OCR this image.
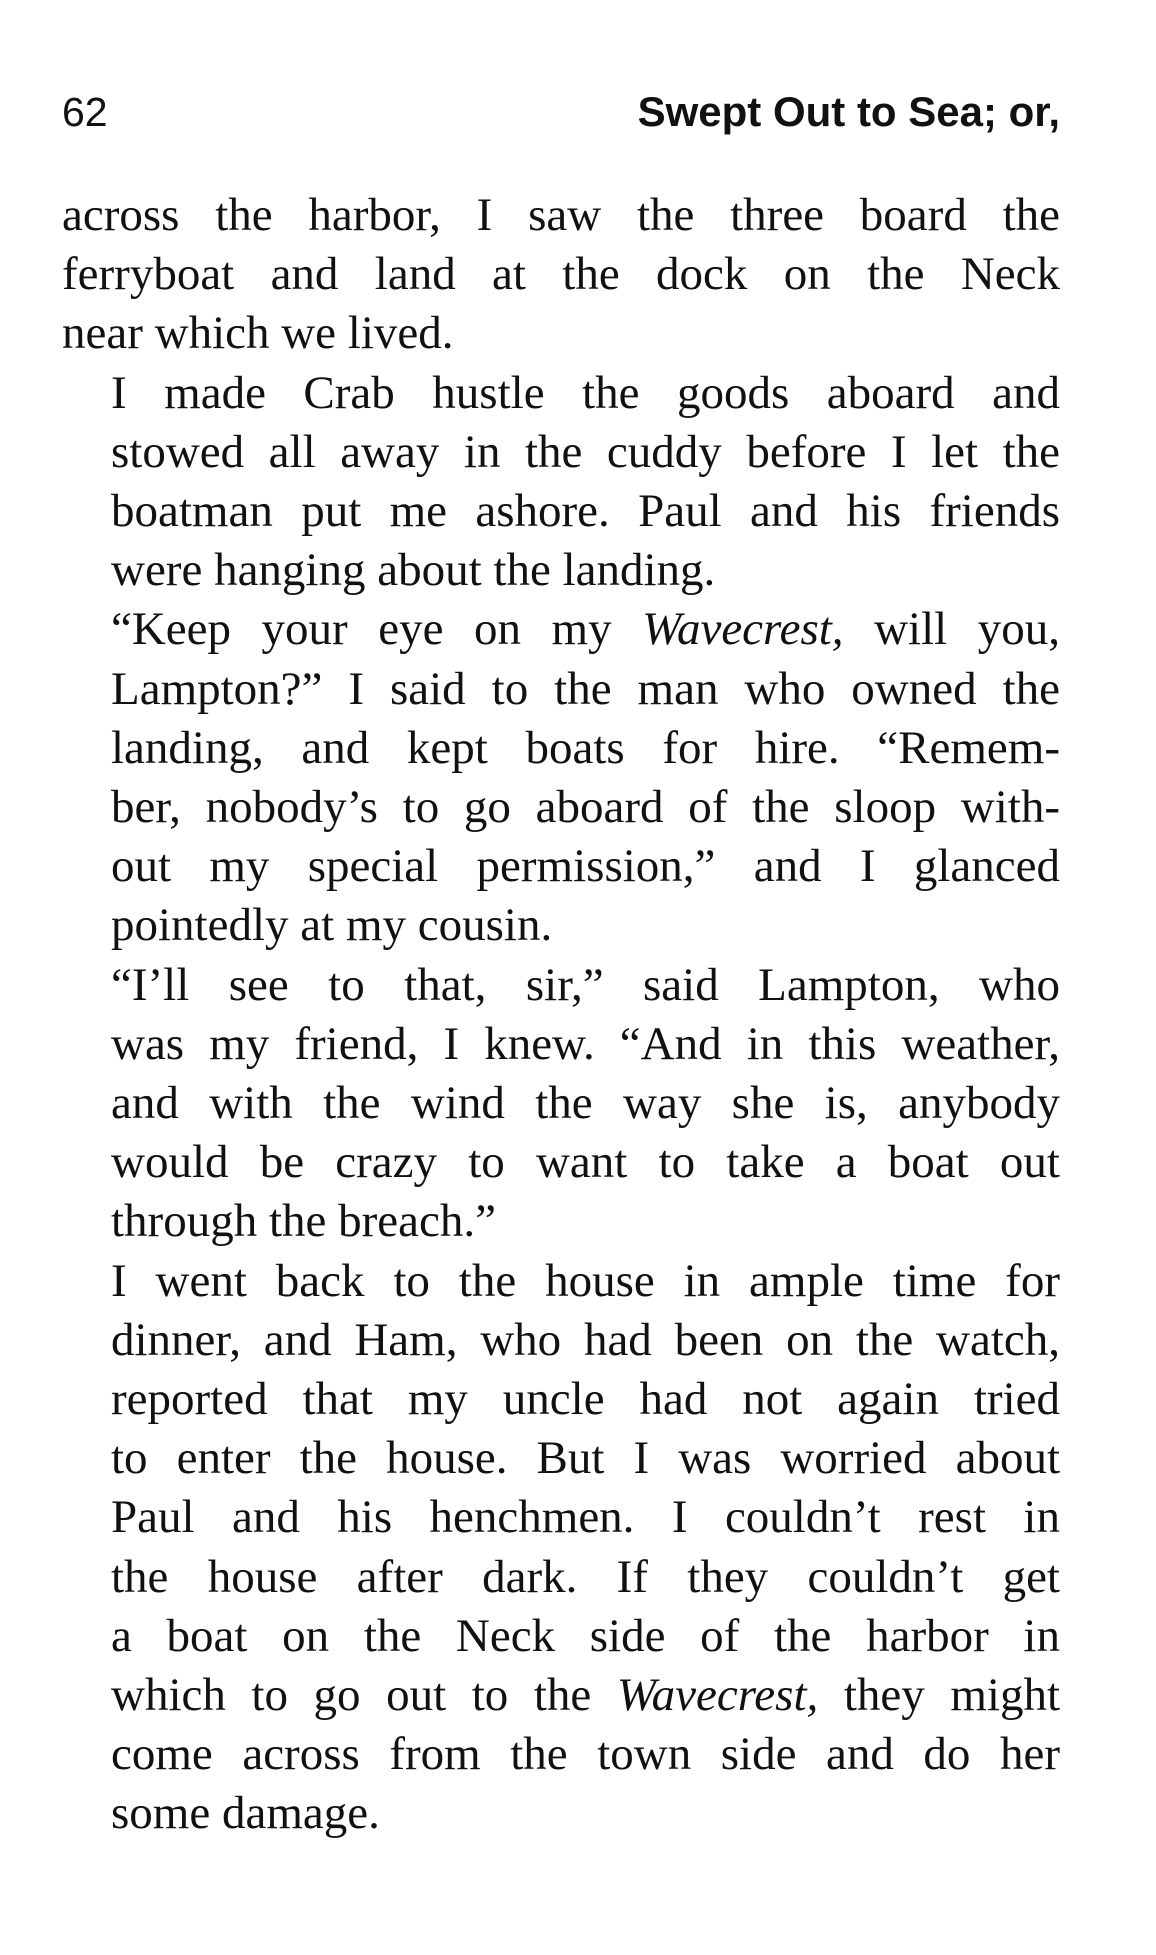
62	Swept Out to Sea; or,

across the harbor, I saw the three board the
ferryboat and land at the dock on the Neck
near which we lived.

I made Crab hustle the goods aboard and
stowed all away in the cuddy before I let the
boatman put me ashore. Paul and his friends
were hanging about the landing.

“Keep your eye on my Wavecrest, will you,
Lampton?” I said to the man who owned the
landing, and kept boats for hire. “Remem-
ber, nobody’s to go aboard of the sloop with-
out my special permission,” and I glanced
pointedly at my cousin.

“I’ll see to that, sir,” said Lampton, who
was my friend, I knew. “And in this weather,
and with the wind the way she is, anybody
would be crazy to want to take a boat out
through the breach.”

I went back to the house in ample time for
dinner, and Ham, who had been on the watch,
reported that my uncle had not again tried
to enter the house. But I was worried about
Paul and his henchmen. I couldn’t rest in
the house after dark. If they couldn’t get
a boat on the Neck side of the harbor in
which to go out to the Wavecrest, they might
come across from the town side and do her
some damage.
